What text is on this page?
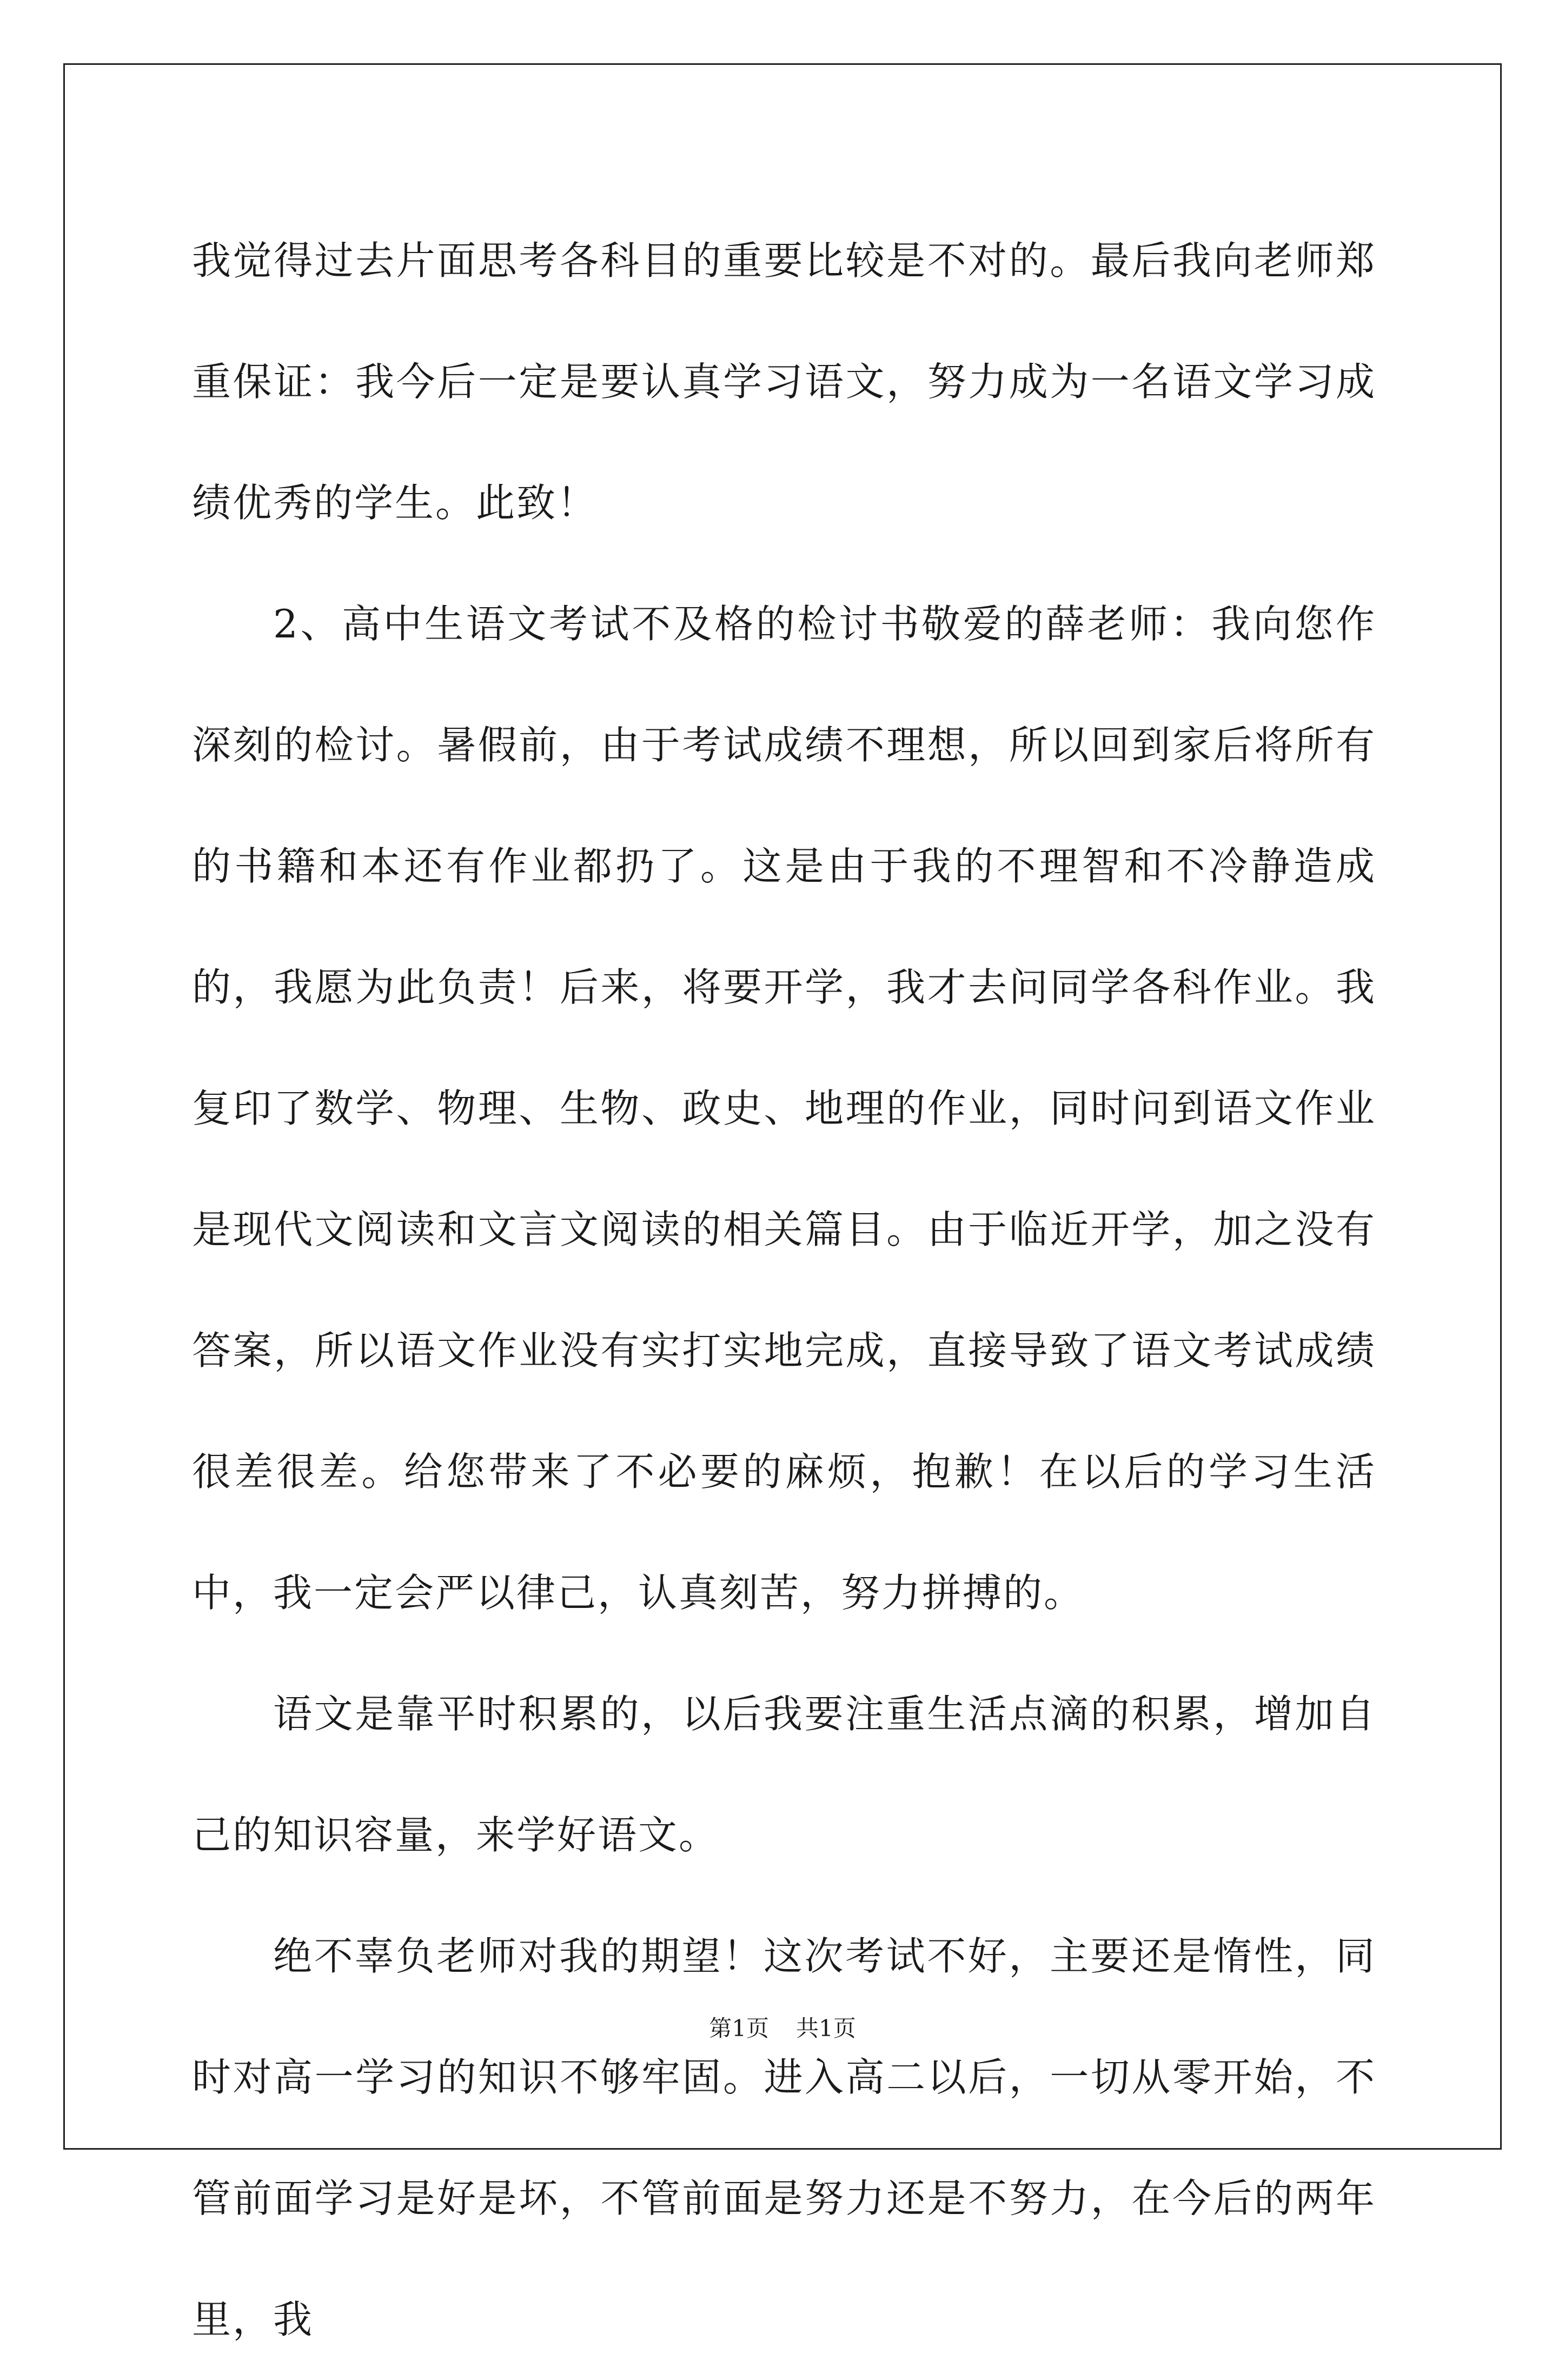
我觉得过去片面思考各科目的重要比较是不对的。最后我向老师郑重保证：我今后一定是要认真学习语文，努力成为一名语文学习成绩优秀的学生。此致！

2、高中生语文考试不及格的检讨书敬爱的薛老师：我向您作深刻的检讨。暑假前，由于考试成绩不理想，所以回到家后将所有的书籍和本还有作业都扔了。这是由于我的不理智和不冷静造成的，我愿为此负责！后来，将要开学，我才去问同学各科作业。我复印了数学、物理、生物、政史、地理的作业，同时问到语文作业是现代文阅读和文言文阅读的相关篇目。由于临近开学，加之没有答案，所以语文作业没有实打实地完成，直接导致了语文考试成绩很差很差。给您带来了不必要的麻烦，抱歉！在以后的学习生活中，我一定会严以律己，认真刻苦，努力拼搏的。

语文是靠平时积累的，以后我要注重生活点滴的积累，增加自己的知识容量，来学好语文。

绝不辜负老师对我的期望！这次考试不好，主要还是惰性，同时对高一学习的知识不够牢固。进入高二以后，一切从零开始，不管前面学习是好是坏，不管前面是努力还是不努力，在今后的两年里，我

第1页 共1页
